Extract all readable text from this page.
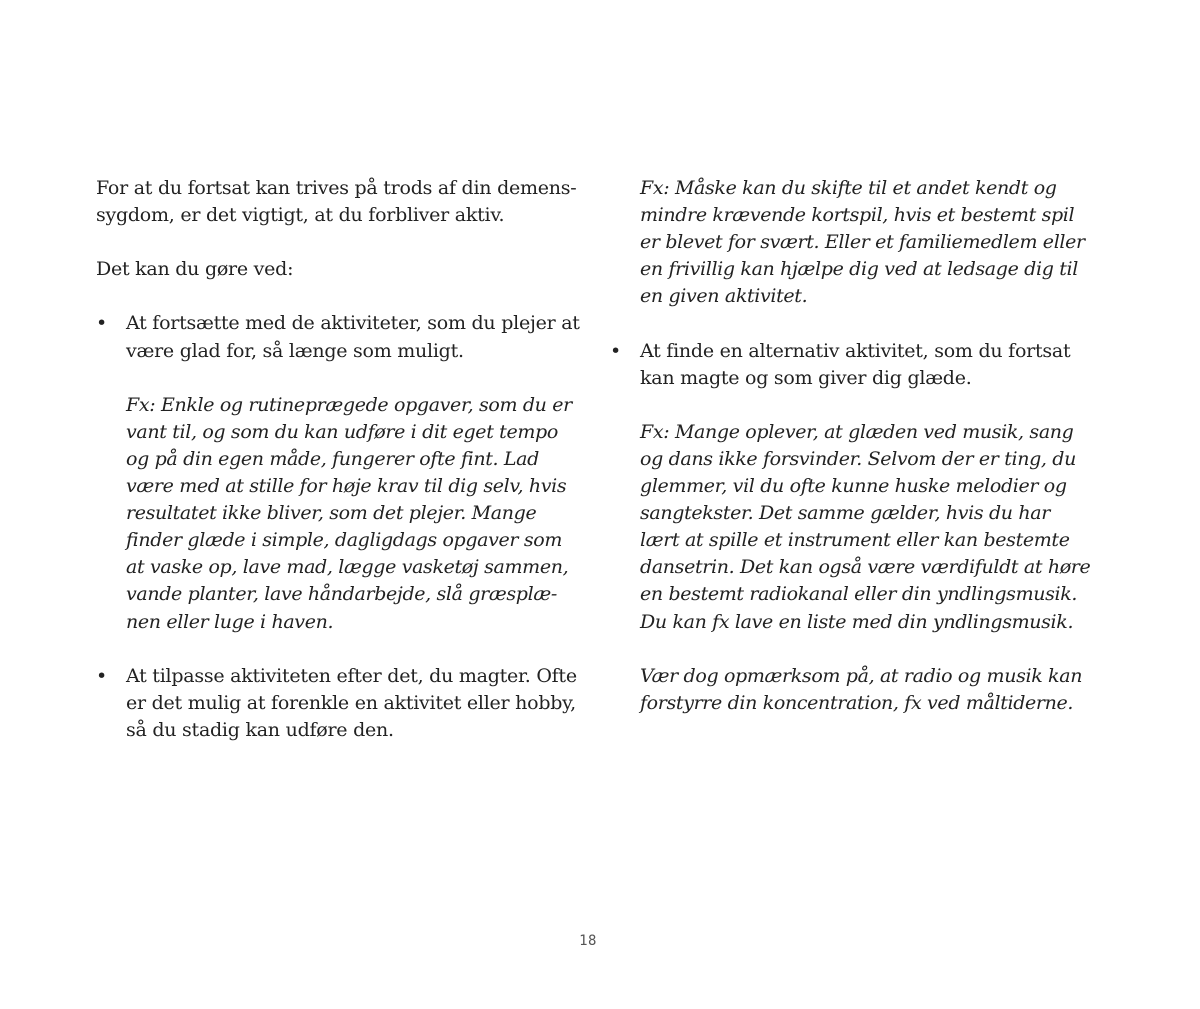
For at du fortsat kan trives på trods af din demens-
sygdom, er det vigtigt, at du forbliver aktiv.
Det kan du gøre ved:
• At fortsætte med de aktiviteter, som du plejer at
være glad for, så længe som muligt.
Fx: Enkle og rutineprægede opgaver, som du er
vant til, og som du kan udføre i dit eget tempo
og på din egen måde, fungerer ofte fint. Lad
være med at stille for høje krav til dig selv, hvis
resultatet ikke bliver, som det plejer. Mange
finder glæde i simple, dagligdags opgaver som
at vaske op, lave mad, lægge vasketøj sammen,
vande planter, lave håndarbejde, slå græsplæ-
nen eller luge i haven.
• At tilpasse aktiviteten efter det, du magter. Ofte
er det mulig at forenkle en aktivitet eller hobby,
så du stadig kan udføre den.
Fx: Måske kan du skifte til et andet kendt og
mindre krævende kortspil, hvis et bestemt spil
er blevet for svært. Eller et familiemedlem eller
en frivillig kan hjælpe dig ved at ledsage dig til
en given aktivitet.
• At finde en alternativ aktivitet, som du fortsat
kan magte og som giver dig glæde.
Fx: Mange oplever, at glæden ved musik, sang
og dans ikke forsvinder. Selvom der er ting, du
glemmer, vil du ofte kunne huske melodier og
sangtekster. Det samme gælder, hvis du har
lært at spille et instrument eller kan bestemte
dansetrin. Det kan også være værdifuldt at høre
en bestemt radiokanal eller din yndlingsmusik.
Du kan fx lave en liste med din yndlingsmusik.
Vær dog opmærksom på, at radio og musik kan
forstyrre din koncentration, fx ved måltiderne.
18
